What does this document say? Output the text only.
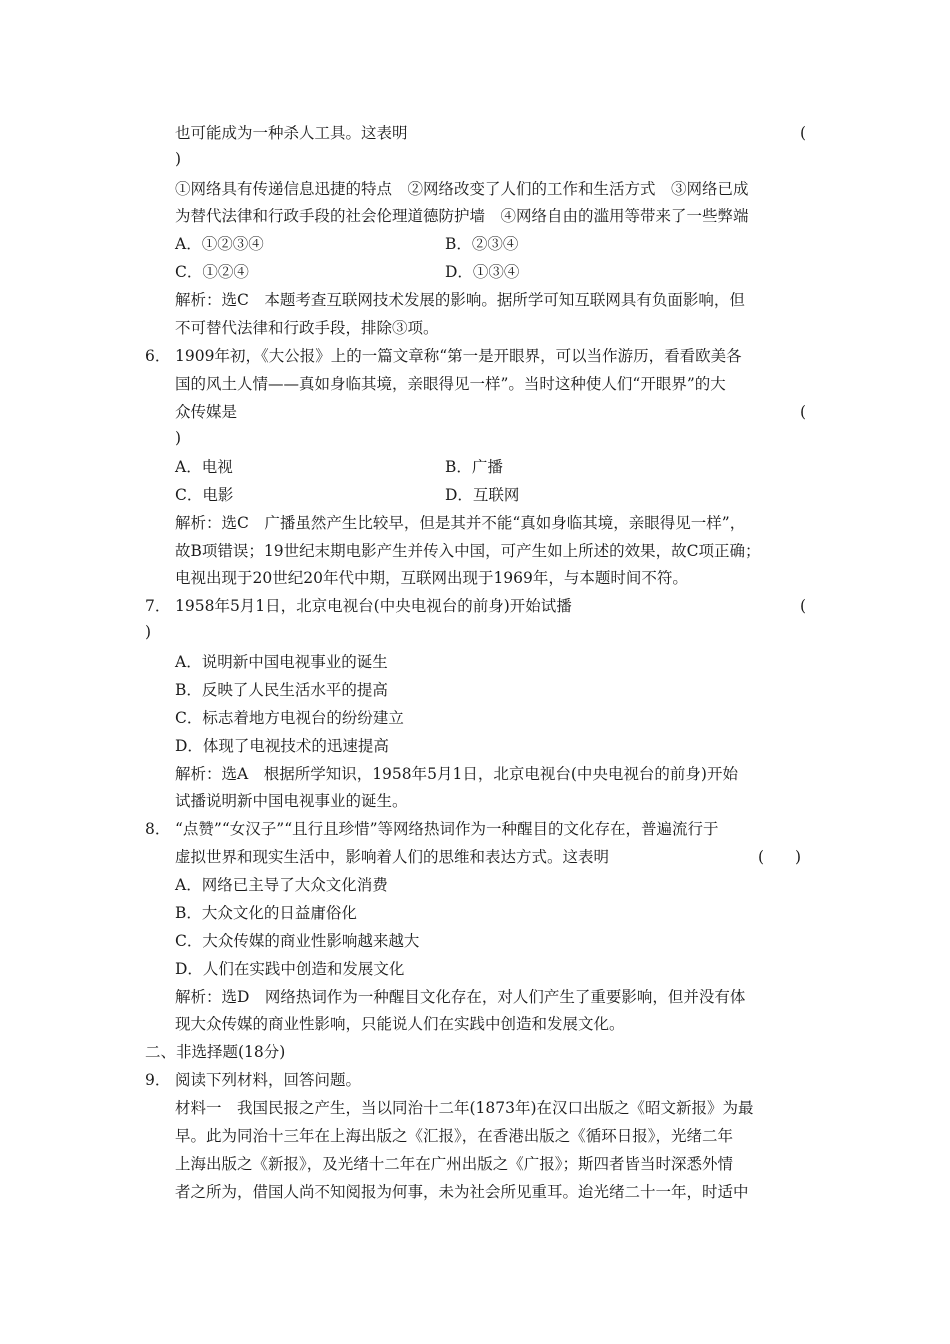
也可能成为一种杀人工具。这表明	(
)
①网络具有传递信息迅捷的特点　②网络改变了人们的工作和生活方式　③网络已成
为替代法律和行政手段的社会伦理道德防护墙　④网络自由的滥用等带来了一些弊端
A．①②③④	B．②③④
C．①②④	D．①③④
解析：选C　本题考查互联网技术发展的影响。据所学可知互联网具有负面影响，但
不可替代法律和行政手段，排除③项。
6． 1909年初，《大公报》上的一篇文章称“第一是开眼界，可以当作游历，看看欧美各
国的风土人情——真如身临其境，亲眼得见一样”。当时这种使人们“开眼界”的大
众传媒是	(
)
A．电视	B．广播
C．电影	D．互联网
解析：选C　广播虽然产生比较早，但是其并不能“真如身临其境，亲眼得见一样”，
故B项错误；19世纪末期电影产生并传入中国，可产生如上所述的效果，故C项正确；
电视出现于20世纪20年代中期，互联网出现于1969年，与本题时间不符。
7． 1958年5月1日，北京电视台(中央电视台的前身)开始试播	(
)
A．说明新中国电视事业的诞生
B．反映了人民生活水平的提高
C．标志着地方电视台的纷纷建立
D．体现了电视技术的迅速提高
解析：选A　根据所学知识，1958年5月1日，北京电视台(中央电视台的前身)开始
试播说明新中国电视事业的诞生。
8． “点赞”“女汉子”“且行且珍惜”等网络热词作为一种醒目的文化存在，普遍流行于
虚拟世界和现实生活中，影响着人们的思维和表达方式。这表明	(　　)
A．网络已主导了大众文化消费
B．大众文化的日益庸俗化
C．大众传媒的商业性影响越来越大
D．人们在实践中创造和发展文化
解析：选D　网络热词作为一种醒目文化存在，对人们产生了重要影响，但并没有体
现大众传媒的商业性影响，只能说人们在实践中创造和发展文化。
二、非选择题(18分)
9． 阅读下列材料，回答问题。
材料一　我国民报之产生，当以同治十二年(1873年)在汉口出版之《昭文新报》为最
早。此为同治十三年在上海出版之《汇报》，在香港出版之《循环日报》，光绪二年
上海出版之《新报》，及光绪十二年在广州出版之《广报》；斯四者皆当时深悉外情
者之所为，借国人尚不知阅报为何事，未为社会所见重耳。迨光绪二十一年，时适中
